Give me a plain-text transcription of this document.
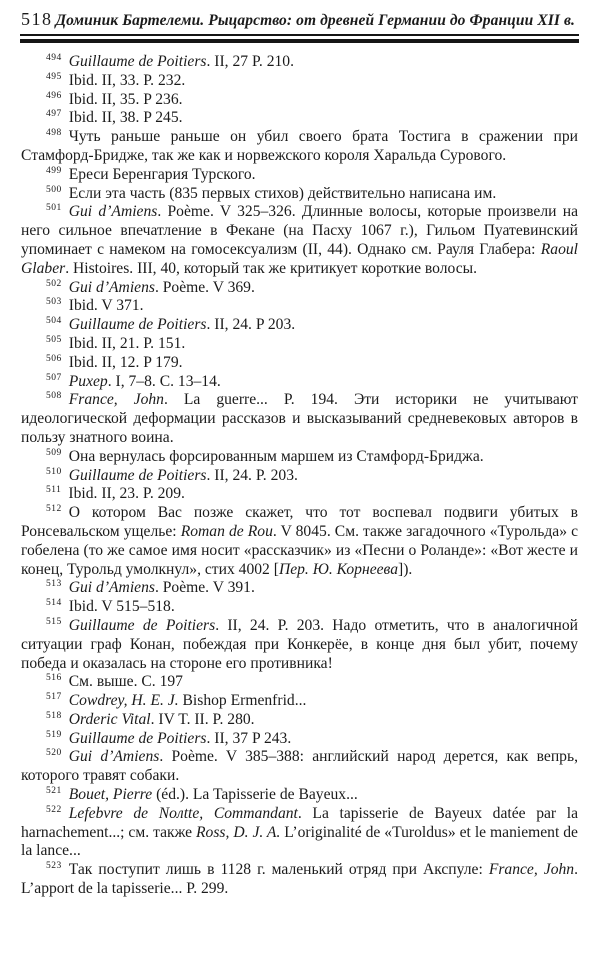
518 Доминик Бартелеми. Рыцарство: от древней Германии до Франции XII в.

$^{494}$ Guillaume de Poitiers. II, 27 P. 210.

$^{495}$ Ibid. II, 33. P. 232.

$^{496}$ Ibid. II, 35. P 236.

$^{497}$ Ibid. II, 38. P 245.

$^{498}$ Чуть раньше раньше он убил своего брата Тостига в сражении при Стамфорд-Бридже, так же как и норвежского короля Харальда Сурового.

$^{499}$ Ереси Беренгария Турского.

$^{500}$ Если эта часть (835 первых стихов) действительно написана им.

$^{501}$ Gui d’Amiens. Poème. V 325–326. Длинные волосы, которые произвели на него сильное впечатление в Фекане (на Пасху 1067 г.), Гильом Пуатевинский упоминает с намеком на гомосексуализм (II, 44). Однако см. Рауля Глабера: Raoul Glaber. Histoires. III, 40, который так же критикует короткие волосы.

$^{502}$ Gui d’Amiens. Poème. V 369.

$^{503}$ Ibid. V 371.

$^{504}$ Guillaume de Poitiers. II, 24. P 203.

$^{505}$ Ibid. II, 21. P. 151.

$^{506}$ Ibid. II, 12. P 179.

$^{507}$ Рихер. I, 7–8. С. 13–14.

$^{508}$ France, John. La guerre... P. 194. Эти историки не учитывают идеологической деформации рассказов и высказываний средневековых авторов в пользу знатного воина.

$^{509}$ Она вернулась форсированным маршем из Стамфорд-Бриджа.

$^{510}$ Guillaume de Poitiers. II, 24. P. 203.

$^{511}$ Ibid. II, 23. P. 209.

$^{512}$ О котором Вас позже скажет, что тот воспевал подвиги убитых в Ронсевальском ущелье: Roman de Rou. V 8045. См. также загадочного «Турольда» с гобелена (то же самое имя носит «рассказчик» из «Песни о Роланде»: «Вот жесте и конец, Турольд умолкнул», стих 4002 [Пер. Ю. Корнеева]).

$^{513}$ Gui d’Amiens. Poème. V 391.

$^{514}$ Ibid. V 515–518.

$^{515}$ Guillaume de Poitiers. II, 24. P. 203. Надо отметить, что в аналогичной ситуации граф Конан, побеждая при Конкерёе, в конце дня был убит, почему победа и оказалась на стороне его противника!

$^{516}$ См. выше. С. 197

$^{517}$ Cowdrey, H. E. J. Bishop Ermenfrid...

$^{518}$ Orderic Vital. IV T. II. P. 280.

$^{519}$ Guillaume de Poitiers. II, 37 P 243.

$^{520}$ Gui d’Amiens. Poème. V 385–388: английский народ дерется, как вепрь, которого травят собаки.

$^{521}$ Bouet, Pierre (éd.). La Tapisserie de Bayeux...

$^{522}$ Lefebvre de Noлtte, Commandant. La tapisserie de Bayeux datée par la harnachement...; см. также Ross, D. J. A. L’originalité de «Turoldus» et le maniement de la lance...

$^{523}$ Так поступит лишь в 1128 г. маленький отряд при Акспуле: France, John. L’apport de la tapisserie... P. 299.
